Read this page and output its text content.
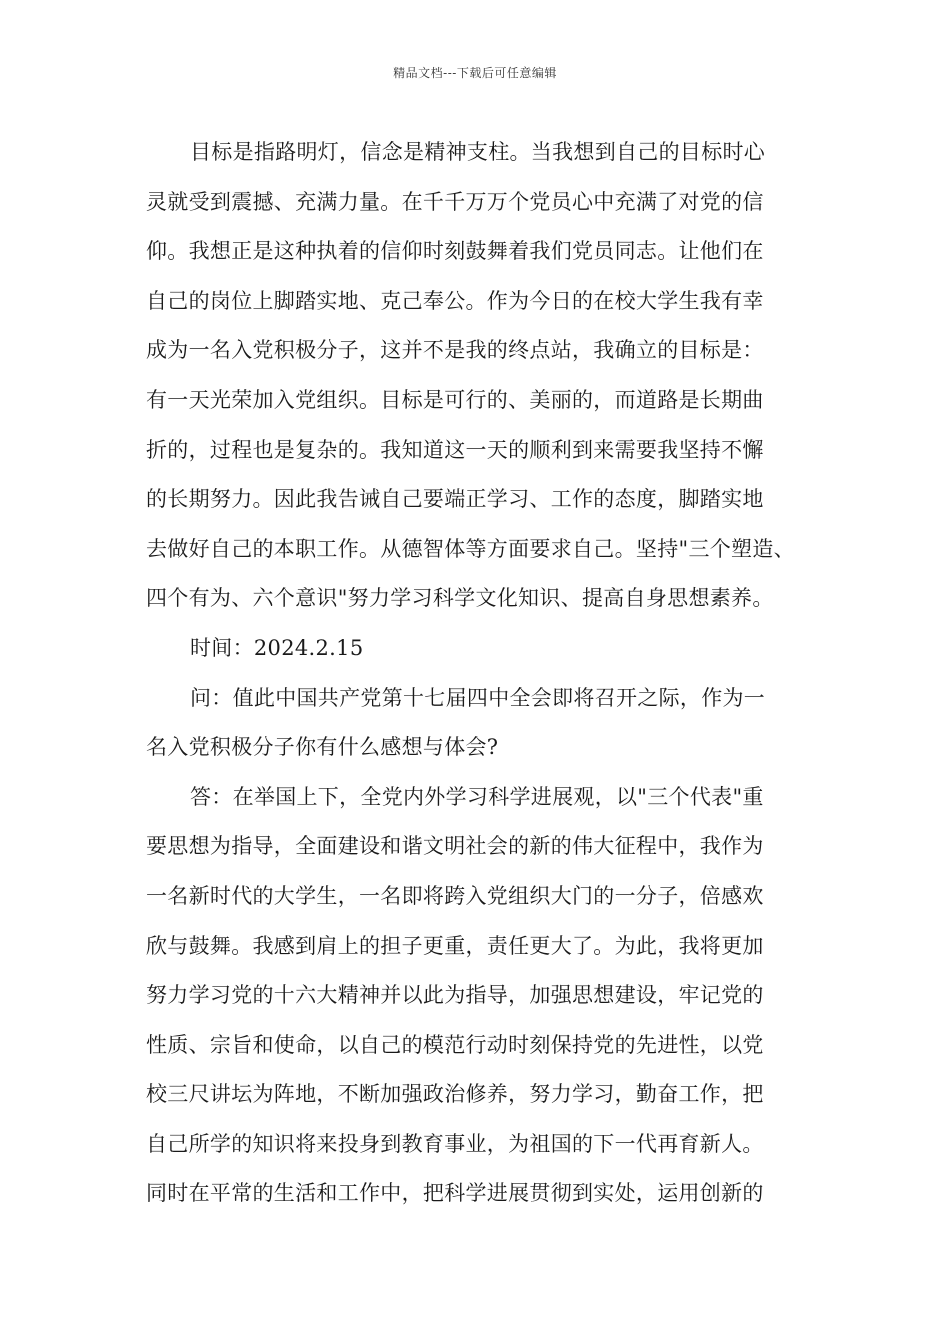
精品文档---下载后可任意编辑
目标是指路明灯，信念是精神支柱。当我想到自己的目标时心
灵就受到震撼、充满力量。在千千万万个党员心中充满了对党的信
仰。我想正是这种执着的信仰时刻鼓舞着我们党员同志。让他们在
自己的岗位上脚踏实地、克己奉公。作为今日的在校大学生我有幸
成为一名入党积极分子，这并不是我的终点站，我确立的目标是：
有一天光荣加入党组织。目标是可行的、美丽的，而道路是长期曲
折的，过程也是复杂的。我知道这一天的顺利到来需要我坚持不懈
的长期努力。因此我告诫自己要端正学习、工作的态度，脚踏实地
去做好自己的本职工作。从德智体等方面要求自己。坚持"三个塑造、
四个有为、六个意识"努力学习科学文化知识、提高自身思想素养。
时间：2024.2.15
问：值此中国共产党第十七届四中全会即将召开之际，作为一
名入党积极分子你有什么感想与体会?
答：在举国上下，全党内外学习科学进展观，以"三个代表"重
要思想为指导，全面建设和谐文明社会的新的伟大征程中，我作为
一名新时代的大学生，一名即将跨入党组织大门的一分子，倍感欢
欣与鼓舞。我感到肩上的担子更重，责任更大了。为此，我将更加
努力学习党的十六大精神并以此为指导，加强思想建设，牢记党的
性质、宗旨和使命，以自己的模范行动时刻保持党的先进性，以党
校三尺讲坛为阵地，不断加强政治修养，努力学习，勤奋工作，把
自己所学的知识将来投身到教育事业，为祖国的下一代再育新人。
同时在平常的生活和工作中，把科学进展贯彻到实处，运用创新的
